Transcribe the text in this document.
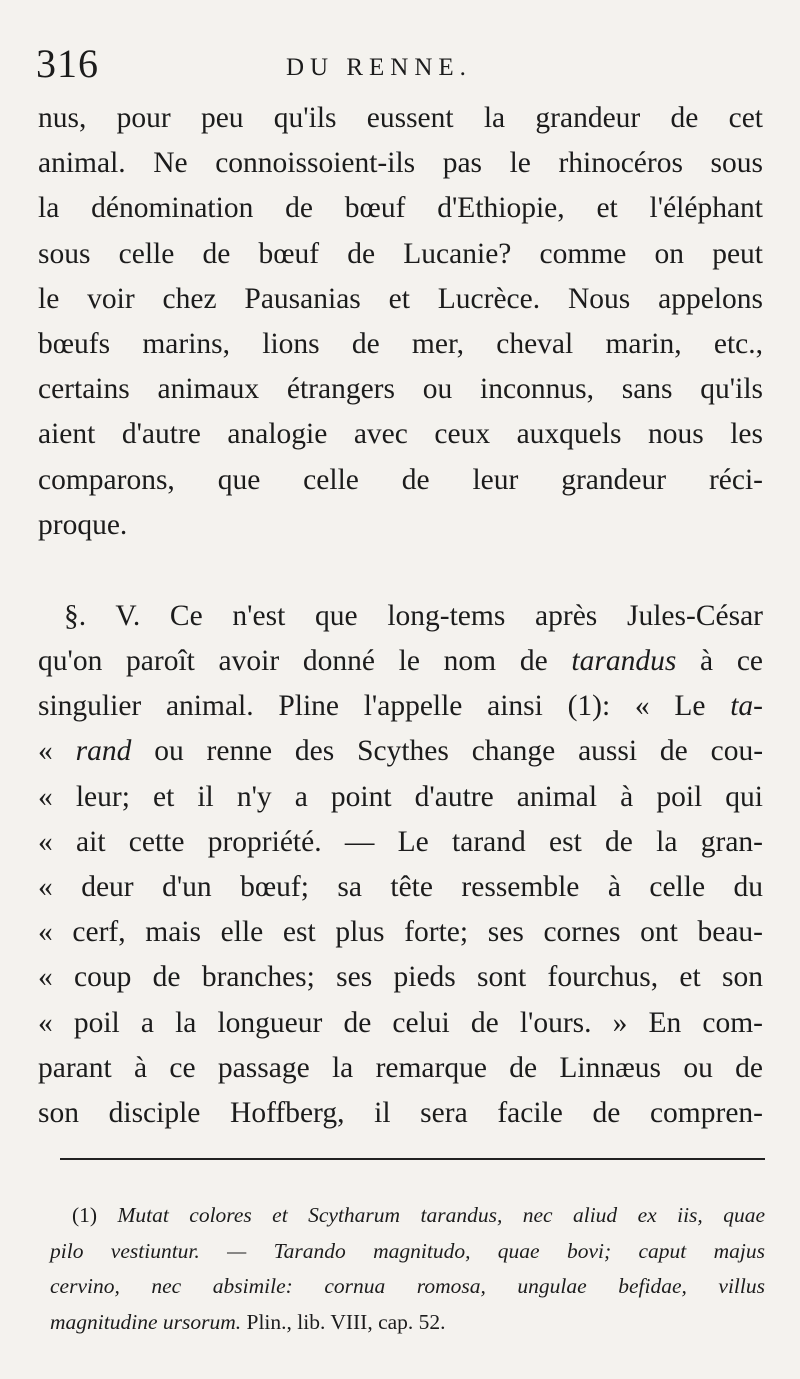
316	DU RENNE.
nus, pour peu qu'ils eussent la grandeur de cet
animal. Ne connoissoient-ils pas le rhinocéros sous
la dénomination de bœuf d'Ethiopie, et l'éléphant
sous celle de bœuf de Lucanie? comme on peut
le voir chez Pausanias et Lucrèce. Nous appelons
bœufs marins, lions de mer, cheval marin, etc.,
certains animaux étrangers ou inconnus, sans qu'ils
aient d'autre analogie avec ceux auxquels nous les
comparons, que celle de leur grandeur réci-
proque.
§. V. Ce n'est que long-tems après Jules-César
qu'on paroît avoir donné le nom de tarandus à ce
singulier animal. Pline l'appelle ainsi (1): « Le ta-
« rand ou renne des Scythes change aussi de cou-
« leur; et il n'y a point d'autre animal à poil qui
« ait cette propriété. — Le tarand est de la gran-
« deur d'un bœuf; sa tête ressemble à celle du
« cerf, mais elle est plus forte; ses cornes ont beau-
« coup de branches; ses pieds sont fourchus, et son
« poil a la longueur de celui de l'ours. » En com-
parant à ce passage la remarque de Linnæus ou de
son disciple Hoffberg, il sera facile de compren-
(1) Mutat colores et Scytharum tarandus, nec aliud ex iis, quae
pilo vestiuntur. — Tarando magnitudo, quae bovi; caput majus
cervino, nec absimile: cornua romosa, ungulae befidae, villus
magnitudine ursorum. Plin., lib. VIII, cap. 52.
